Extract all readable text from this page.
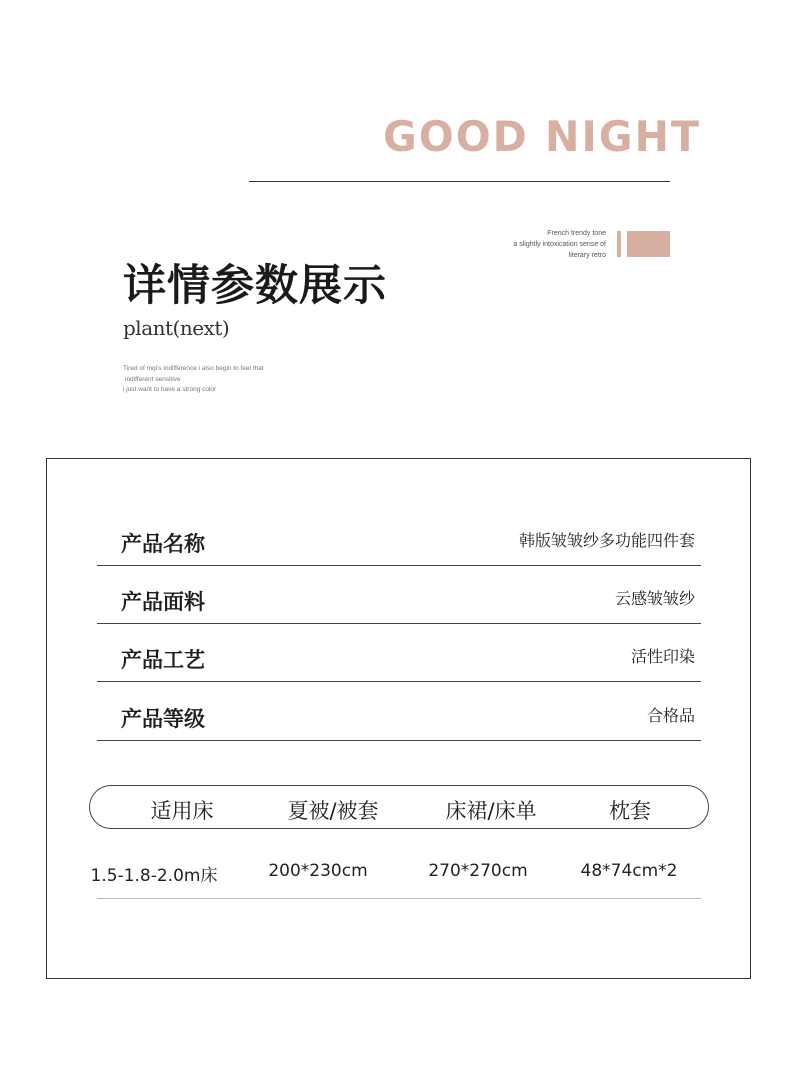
GOOD NIGHT
French trendy tone
a slightly intoxication sense of
literary retro
详情参数展示
plant(next)
Tired of mqi's indifference i also begin to feel that
indifferent sensitive
i just want to have a strong color
产品名称	韩版皱皱纱多功能四件套
产品面料	云感皱皱纱
产品工艺	活性印染
产品等级	合格品
适用床	夏被/被套	床裙/床单	枕套
1.5-1.8-2.0m床	200*230cm	270*270cm	48*74cm*2
